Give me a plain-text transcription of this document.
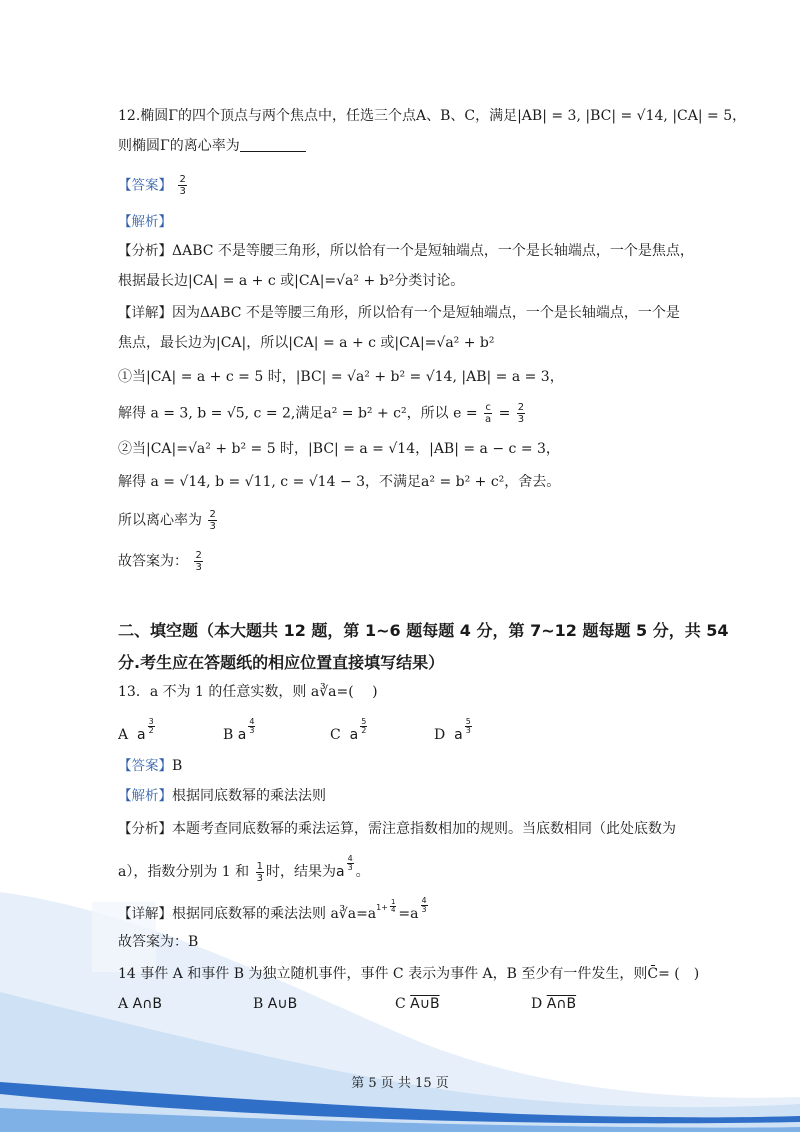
12.椭圆Γ的四个顶点与两个焦点中，任选三个点A、B、C，满足|AB| = 3, |BC| = √14, |CA| = 5，
则椭圆Γ的离心率为
【答案】 $\frac{2}{3}$
【解析】
【分析】ΔABC 不是等腰三角形，所以恰有一个是短轴端点，一个是长轴端点，一个是焦点，
根据最长边|CA| = a + c 或|CA|=√a² + b²分类讨论。
【详解】因为ΔABC 不是等腰三角形，所以恰有一个是短轴端点，一个是长轴端点，一个是
焦点，最长边为|CA|，所以|CA| = a + c 或|CA|=√a² + b²
①当|CA| = a + c = 5 时，|BC| = √a² + b² = √14, |AB| = a = 3，
解得 a = 3, b = √5, c = 2,满足a² = b² + c²，所以 $e = \frac{c}{a} = \frac{2}{3}$
②当|CA|=√a² + b² = 5 时，|BC| = a = √14，|AB| = a − c = 3，
解得 a = √14, b = √11, c = √14 − 3，不满足a² = b² + c²，舍去。
所以离心率为 $\frac{2}{3}$
故答案为： $\frac{2}{3}$
二、填空题（本大题共 12 题，第 1~6 题每题 4 分，第 7~12 题每题 5 分，共 54
分.考生应在答题纸的相应位置直接填写结果）
13．a 不为 1 的任意实数，则 a∛a=(　 )
A a $\frac{3}{2}$	B a $\frac{4}{3}$	C a $\frac{5}{2}$	D a $\frac{5}{3}$
【答案】B
【解析】根据同底数幂的乘法法则
【分析】本题考查同底数幂的乘法运算，需注意指数相加的规则。当底数相同（此处底数为
a），指数分别为 1 和 $\frac{1}{3}$ 时，结果为a $\frac{4}{3}$ 。
【详解】根据同底数幂的乘法法则 $a∛a=a^{1+} \frac{1}{4} =a \frac{4}{3}$
故答案为：B
14 事件 A 和事件 B 为独立随机事件，事件 C 表示为事件 A，B 至少有一件发生，则C̄= (　)
A A∩B	B A∪B	C A∪B	D A∩B
第 5 页 共 15 页
